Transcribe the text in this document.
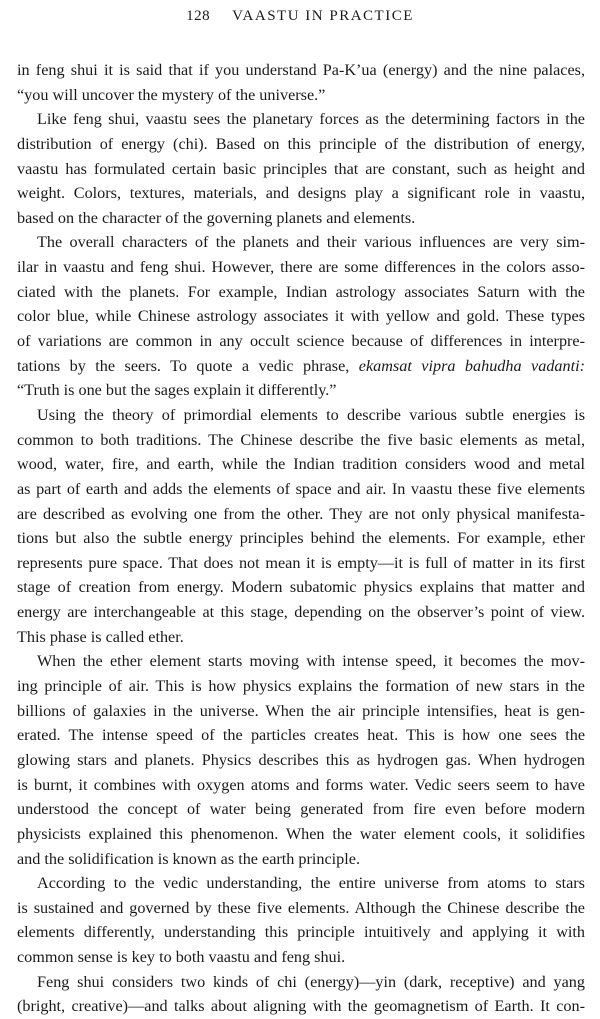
128 VAASTU IN PRACTICE
in feng shui it is said that if you understand Pa-K’ua (energy) and the nine palaces,
“you will uncover the mystery of the universe.”
Like feng shui, vaastu sees the planetary forces as the determining factors in the
distribution of energy (chi). Based on this principle of the distribution of energy,
vaastu has formulated certain basic principles that are constant, such as height and
weight. Colors, textures, materials, and designs play a significant role in vaastu,
based on the character of the governing planets and elements.
The overall characters of the planets and their various influences are very sim-
ilar in vaastu and feng shui. However, there are some differences in the colors asso-
ciated with the planets. For example, Indian astrology associates Saturn with the
color blue, while Chinese astrology associates it with yellow and gold. These types
of variations are common in any occult science because of differences in interpre-
tations by the seers. To quote a vedic phrase, ekamsat vipra bahudha vadanti:
“Truth is one but the sages explain it differently.”
Using the theory of primordial elements to describe various subtle energies is
common to both traditions. The Chinese describe the five basic elements as metal,
wood, water, fire, and earth, while the Indian tradition considers wood and metal
as part of earth and adds the elements of space and air. In vaastu these five elements
are described as evolving one from the other. They are not only physical manifesta-
tions but also the subtle energy principles behind the elements. For example, ether
represents pure space. That does not mean it is empty—it is full of matter in its first
stage of creation from energy. Modern subatomic physics explains that matter and
energy are interchangeable at this stage, depending on the observer’s point of view.
This phase is called ether.
When the ether element starts moving with intense speed, it becomes the mov-
ing principle of air. This is how physics explains the formation of new stars in the
billions of galaxies in the universe. When the air principle intensifies, heat is gen-
erated. The intense speed of the particles creates heat. This is how one sees the
glowing stars and planets. Physics describes this as hydrogen gas. When hydrogen
is burnt, it combines with oxygen atoms and forms water. Vedic seers seem to have
understood the concept of water being generated from fire even before modern
physicists explained this phenomenon. When the water element cools, it solidifies
and the solidification is known as the earth principle.
According to the vedic understanding, the entire universe from atoms to stars
is sustained and governed by these five elements. Although the Chinese describe the
elements differently, understanding this principle intuitively and applying it with
common sense is key to both vaastu and feng shui.
Feng shui considers two kinds of chi (energy)—yin (dark, receptive) and yang
(bright, creative)—and talks about aligning with the geomagnetism of Earth. It con-
